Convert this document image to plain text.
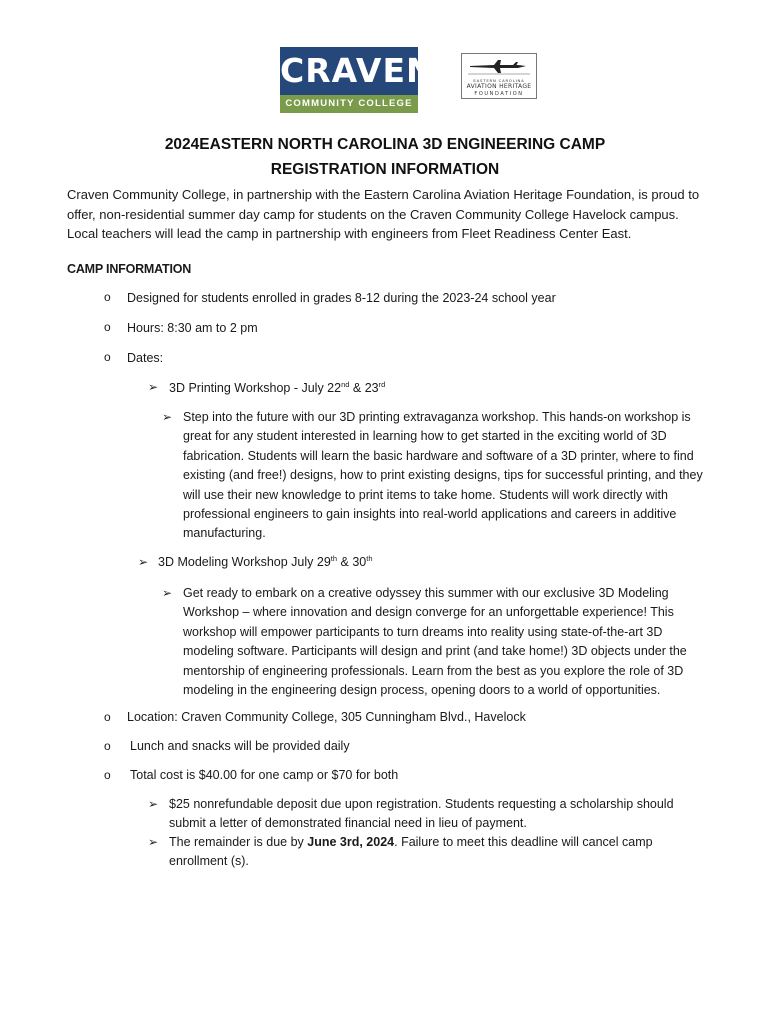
CRAVEN
COMMUNITY COLLEGE
EASTERN CAROLINA
AVIATION HERITAGE
FOUNDATION
2024EASTERN NORTH CAROLINA 3D ENGINEERING CAMP
REGISTRATION INFORMATION

Craven Community College, in partnership with the Eastern Carolina Aviation Heritage Foundation, is proud to offer, non-residential summer day camp for students on the Craven Community College Havelock campus. Local teachers will lead the camp in partnership with engineers from Fleet Readiness Center East.

CAMP INFORMATION
o Designed for students enrolled in grades 8-12 during the 2023-24 school year
o Hours: 8:30 am to 2 pm
o Dates:
➢ 3D Printing Workshop - July 22nd & 23rd
➢ Step into the future with our 3D printing extravaganza workshop. This hands-on workshop is great for any student interested in learning how to get started in the exciting world of 3D fabrication. Students will learn the basic hardware and software of a 3D printer, where to find existing (and free!) designs, how to print existing designs, tips for successful printing, and they will use their new knowledge to print items to take home. Students will work directly with professional engineers to gain insights into real-world applications and careers in additive manufacturing.

➢ 3D Modeling Workshop July 29th & 30th
➢ Get ready to embark on a creative odyssey this summer with our exclusive 3D Modeling Workshop – where innovation and design converge for an unforgettable experience! This workshop will empower participants to turn dreams into reality using state-of-the-art 3D modeling software. Participants will design and print (and take home!) 3D objects under the mentorship of engineering professionals. Learn from the best as you explore the role of 3D modeling in the engineering design process, opening doors to a world of opportunities.

o Location: Craven Community College, 305 Cunningham Blvd., Havelock
o Lunch and snacks will be provided daily
o Total cost is $40.00 for one camp or $70 for both
➢ $25 nonrefundable deposit due upon registration. Students requesting a scholarship should submit a letter of demonstrated financial need in lieu of payment.

➢ The remainder is due by June 3rd, 2024. Failure to meet this deadline will cancel camp enrollment (s).
